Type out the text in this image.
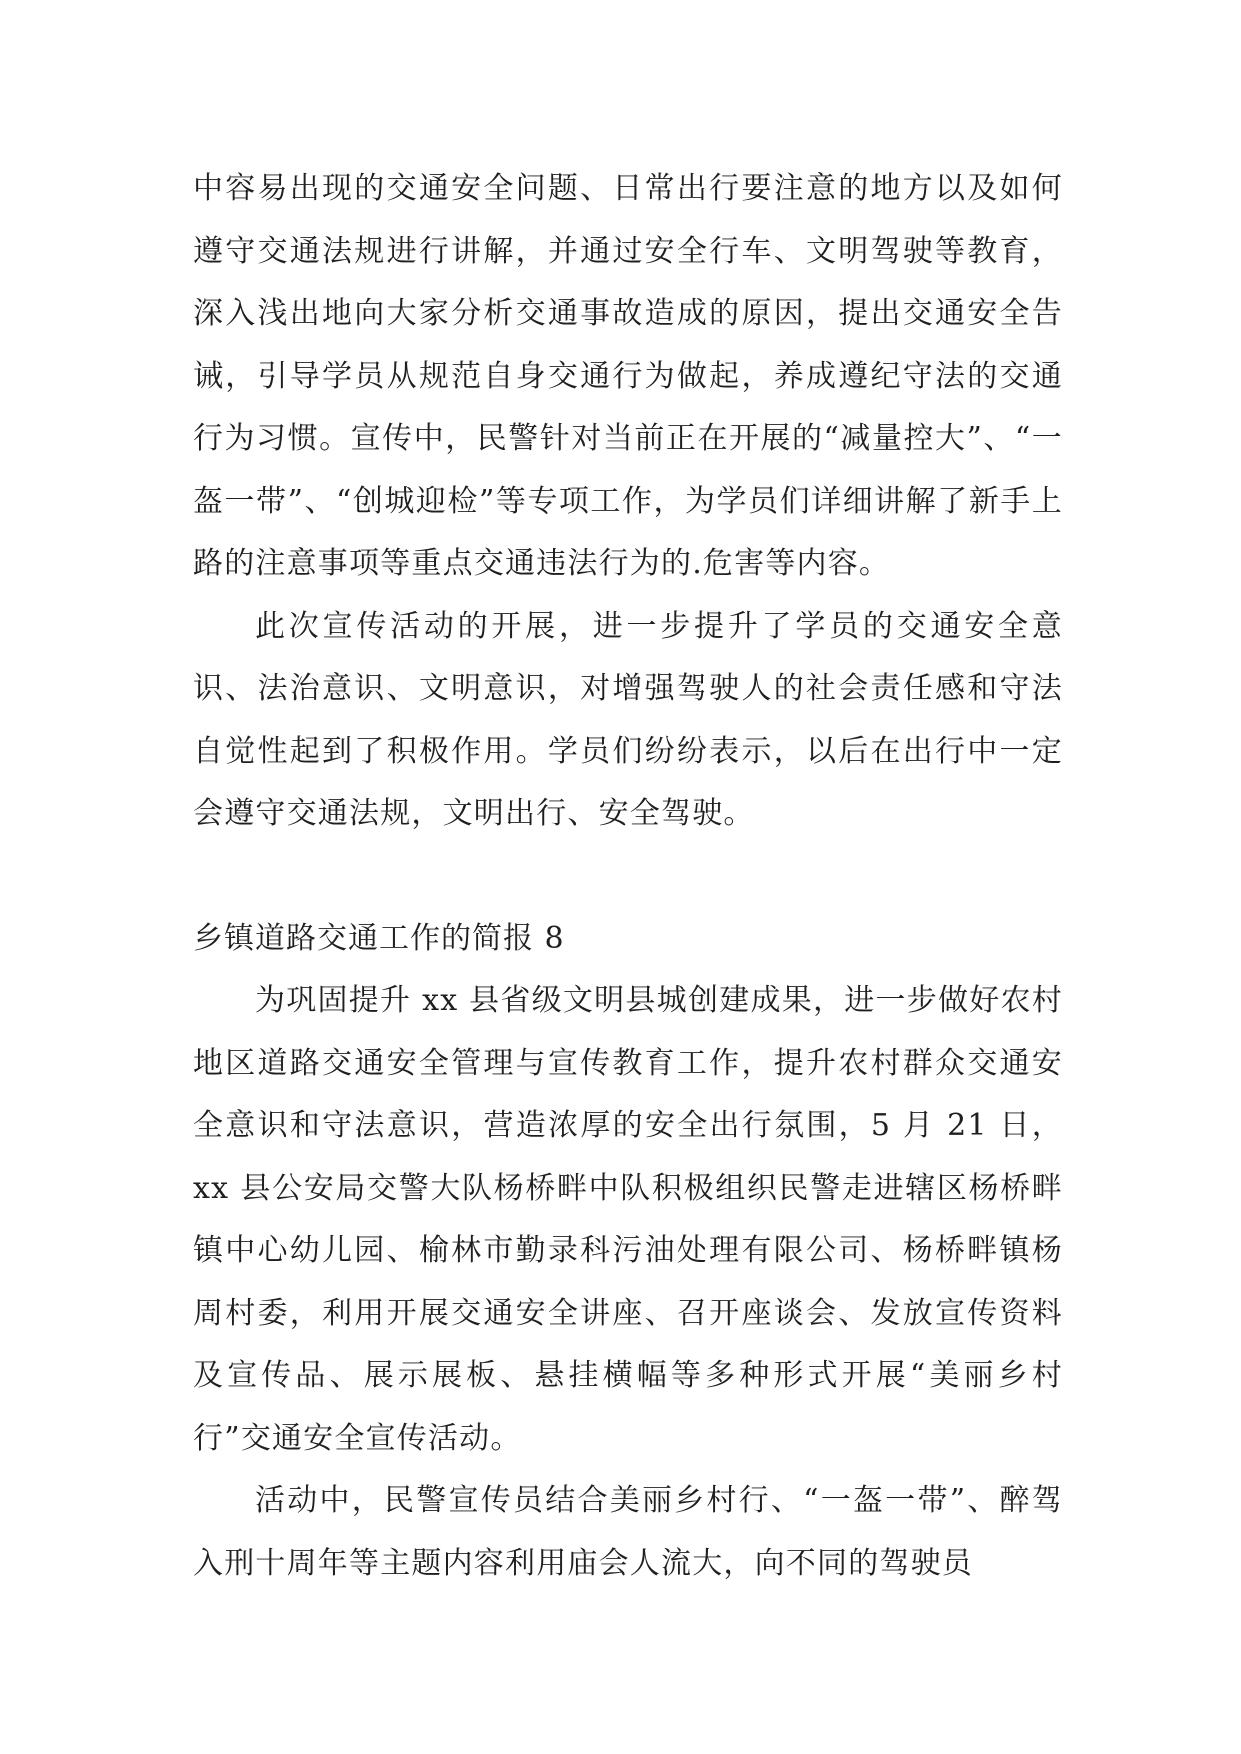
中容易出现的交通安全问题、日常出行要注意的地方以及如何遵守交通法规进行讲解，并通过安全行车、文明驾驶等教育，深入浅出地向大家分析交通事故造成的原因，提出交通安全告诫，引导学员从规范自身交通行为做起，养成遵纪守法的交通行为习惯。宣传中，民警针对当前正在开展的“减量控大”、“一盔一带”、“创城迎检”等专项工作，为学员们详细讲解了新手上路的注意事项等重点交通违法行为的.危害等内容。

此次宣传活动的开展，进一步提升了学员的交通安全意识、法治意识、文明意识，对增强驾驶人的社会责任感和守法自觉性起到了积极作用。学员们纷纷表示，以后在出行中一定会遵守交通法规，文明出行、安全驾驶。

乡镇道路交通工作的简报 8

为巩固提升 xx 县省级文明县城创建成果，进一步做好农村地区道路交通安全管理与宣传教育工作，提升农村群众交通安全意识和守法意识，营造浓厚的安全出行氛围，5 月 21 日，xx 县公安局交警大队杨桥畔中队积极组织民警走进辖区杨桥畔镇中心幼儿园、榆林市勤录科污油处理有限公司、杨桥畔镇杨周村委，利用开展交通安全讲座、召开座谈会、发放宣传资料及宣传品、展示展板、悬挂横幅等多种形式开展“美丽乡村行”交通安全宣传活动。

活动中，民警宣传员结合美丽乡村行、“一盔一带”、醉驾入刑十周年等主题内容利用庙会人流大，向不同的驾驶员
